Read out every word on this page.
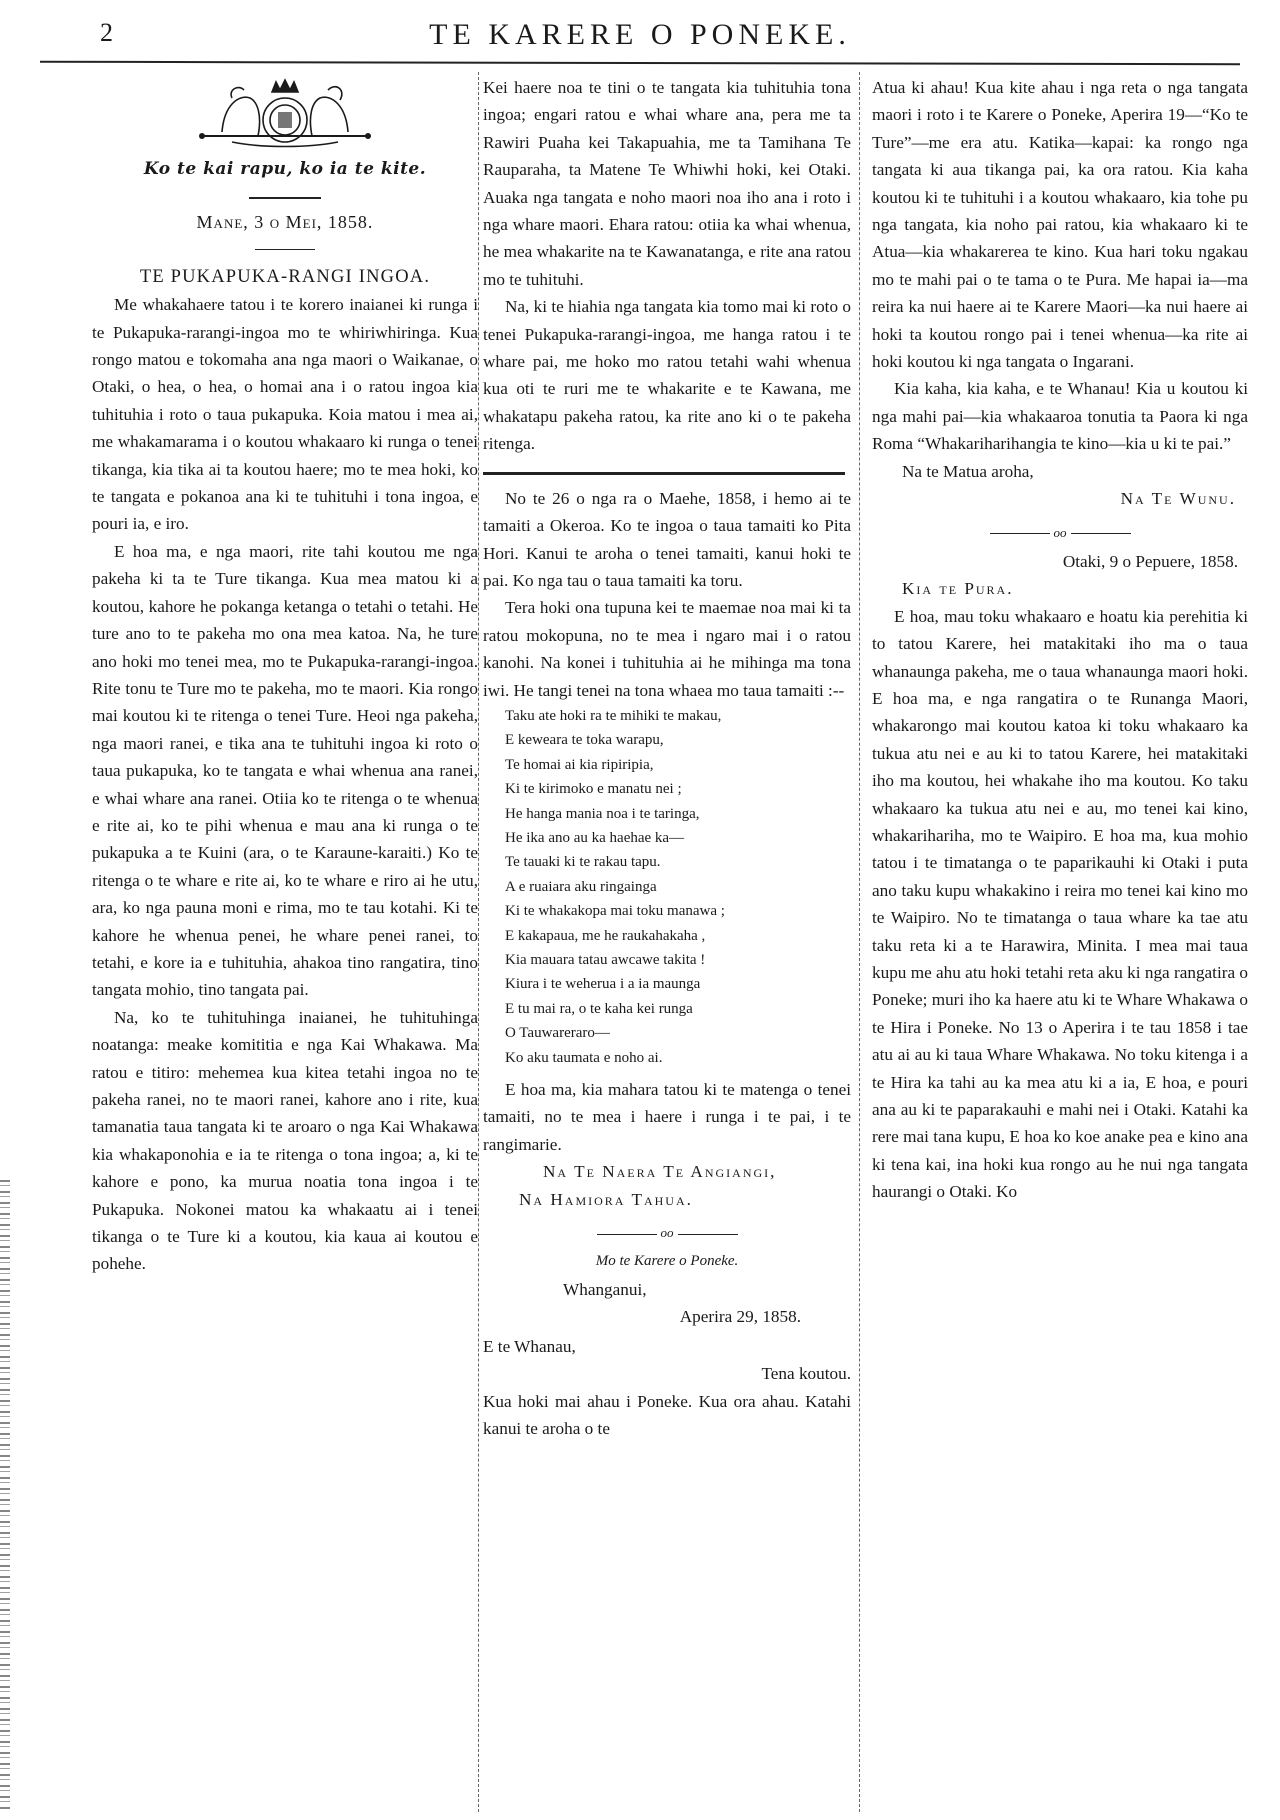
2	TE KARERE O PONEKE.
Ko te kai rapu, ko ia te kite.
Mane, 3 o Mei, 1858.
TE PUKAPUKA-RANGI INGOA.

Me whakahaere tatou i te korero inaianei ki runga i te Pukapuka-rarangi-ingoa mo te whiriwhiringa. Kua rongo matou e tokomaha ana nga maori o Waikanae, o Otaki, o hea, o hea, o homai ana i o ratou ingoa kia tuhituhia i roto o taua pukapuka. Koia matou i mea ai, me whakamarama i o koutou whakaaro ki runga o tenei tikanga, kia tika ai ta koutou haere; mo te mea hoki, ko te tangata e pokanoa ana ki te tuhituhi i tona ingoa, e pouri ia, e iro.

E hoa ma, e nga maori, rite tahi koutou me nga pakeha ki ta te Ture tikanga. Kua mea matou ki a koutou, kahore he pokanga ketanga o tetahi o tetahi. He ture ano to te pakeha mo ona mea katoa. Na, he ture ano hoki mo tenei mea, mo te Pukapuka-rarangi-ingoa. Rite tonu te Ture mo te pakeha, mo te maori. Kia rongo mai koutou ki te ritenga o tenei Ture. Heoi nga pakeha, nga maori ranei, e tika ana te tuhituhi ingoa ki roto o taua pukapuka, ko te tangata e whai whenua ana ranei, e whai whare ana ranei. Otiia ko te ritenga o te whenua e rite ai, ko te pihi whenua e mau ana ki runga o te pukapuka a te Kuini (ara, o te Karaune-karaiti.) Ko te ritenga o te whare e rite ai, ko te whare e riro ai he utu, ara, ko nga pauna moni e rima, mo te tau kotahi. Ki te kahore he whenua penei, he whare penei ranei, to tetahi, e kore ia e tuhituhia, ahakoa tino rangatira, tino tangata mohio, tino tangata pai.

Na, ko te tuhituhinga inaianei, he tuhituhinga noatanga: meake komititia e nga Kai Whakawa. Ma ratou e titiro: mehemea kua kitea tetahi ingoa no te pakeha ranei, no te maori ranei, kahore ano i rite, kua tamanatia taua tangata ki te aroaro o nga Kai Whakawa kia whakaponohia e ia te ritenga o tona ingoa; a, ki te kahore e pono, ka murua noatia tona ingoa i te Pukapuka. Nokonei matou ka whakaatu ai i tenei tikanga o te Ture ki a koutou, kia kaua ai koutou e pohehe.

Kei haere noa te tini o te tangata kia tuhituhia tona ingoa; engari ratou e whai whare ana, pera me ta Rawiri Puaha kei Takapuahia, me ta Tamihana Te Rauparaha, ta Matene Te Whiwhi hoki, kei Otaki. Auaka nga tangata e noho maori noa iho ana i roto i nga whare maori. Ehara ratou: otiia ka whai whenua, he mea whakarite na te Kawanatanga, e rite ana ratou mo te tuhituhi.

Na, ki te hiahia nga tangata kia tomo mai ki roto o tenei Pukapuka-rarangi-ingoa, me hanga ratou i te whare pai, me hoko mo ratou tetahi wahi whenua kua oti te ruri me te whakarite e te Kawana, me whakatapu pakeha ratou, ka rite ano ki o te pakeha ritenga.

No te 26 o nga ra o Maehe, 1858, i hemo ai te tamaiti a Okeroa. Ko te ingoa o taua tamaiti ko Pita Hori. Kanui te aroha o tenei tamaiti, kanui hoki te pai. Ko nga tau o taua tamaiti ka toru.

Tera hoki ona tupuna kei te maemae noa mai ki ta ratou mokopuna, no te mea i ngaro mai i o ratou kanohi. Na konei i tuhituhia ai he mihinga ma tona iwi. He tangi tenei na tona whaea mo taua tamaiti :--

Taku ate hoki ra te mihiki te makau,
E keweara te toka warapu,
Te homai ai kia ripiripia,
Ki te kirimoko e manatu nei ;
He hanga mania noa i te taringa,
He ika ano au ka haehae ka—
Te tauaki ki te rakau tapu.
A e ruaiara aku ringainga
Ki te whakakopa mai toku manawa ;
E kakapaua, me he raukahakaha ,
Kia mauara tatau awcawe takita !
Kiura i te weherua i a ia maunga
E tu mai ra, o te kaha kei runga
O Tauwareraro—
Ko aku taumata e noho ai.

E hoa ma, kia mahara tatou ki te matenga o tenei tamaiti, no te mea i haere i runga i te pai, i te rangimarie.

Na Te Naera Te Angiangi,
Na Hamiora Tahua.
oo
Mo te Karere o Poneke.
Whanganui,
Aperira 29, 1858.
E te Whanau,
Tena koutou.

Kua hoki mai ahau i Poneke. Kua ora ahau. Katahi kanui te aroha o te

Atua ki ahau! Kua kite ahau i nga reta o nga tangata maori i roto i te Karere o Poneke, Aperira 19—“Ko te Ture”—me era atu. Katika—kapai: ka rongo nga tangata ki aua tikanga pai, ka ora ratou. Kia kaha koutou ki te tuhituhi i a koutou whakaaro, kia tohe pu nga tangata, kia noho pai ratou, kia whakaaro ki te Atua—kia whakarerea te kino. Kua hari toku ngakau mo te mahi pai o te tama o te Pura. Me hapai ia—ma reira ka nui haere ai te Karere Maori—ka nui haere ai hoki ta koutou rongo pai i tenei whenua—ka rite ai hoki koutou ki nga tangata o Ingarani.

Kia kaha, kia kaha, e te Whanau! Kia u koutou ki nga mahi pai—kia whakaaroa tonutia ta Paora ki nga Roma “Whakariharihangia te kino—kia u ki te pai.”

Na te Matua aroha,
Na Te Wunu.
oo
Otaki, 9 o Pepuere, 1858.
Kia te Pura.

E hoa, mau toku whakaaro e hoatu kia perehitia ki to tatou Karere, hei matakitaki iho ma o taua whanaunga pakeha, me o taua whanaunga maori hoki. E hoa ma, e nga rangatira o te Runanga Maori, whakarongo mai koutou katoa ki toku whakaaro ka tukua atu nei e au ki to tatou Karere, hei matakitaki iho ma koutou, hei whakahe iho ma koutou. Ko taku whakaaro ka tukua atu nei e au, mo tenei kai kino, whakarihariha, mo te Waipiro. E hoa ma, kua mohio tatou i te timatanga o te paparikauhi ki Otaki i puta ano taku kupu whakakino i reira mo tenei kai kino mo te Waipiro. No te timatanga o taua whare ka tae atu taku reta ki a te Harawira, Minita. I mea mai taua kupu me ahu atu hoki tetahi reta aku ki nga rangatira o Poneke; muri iho ka haere atu ki te Whare Whakawa o te Hira i Poneke. No 13 o Aperira i te tau 1858 i tae atu ai au ki taua Whare Whakawa. No toku kitenga i a te Hira ka tahi au ka mea atu ki a ia, E hoa, e pouri ana au ki te paparakauhi e mahi nei i Otaki. Katahi ka rere mai tana kupu, E hoa ko koe anake pea e kino ana ki tena kai, ina hoki kua rongo au he nui nga tangata haurangi o Otaki. Ko
